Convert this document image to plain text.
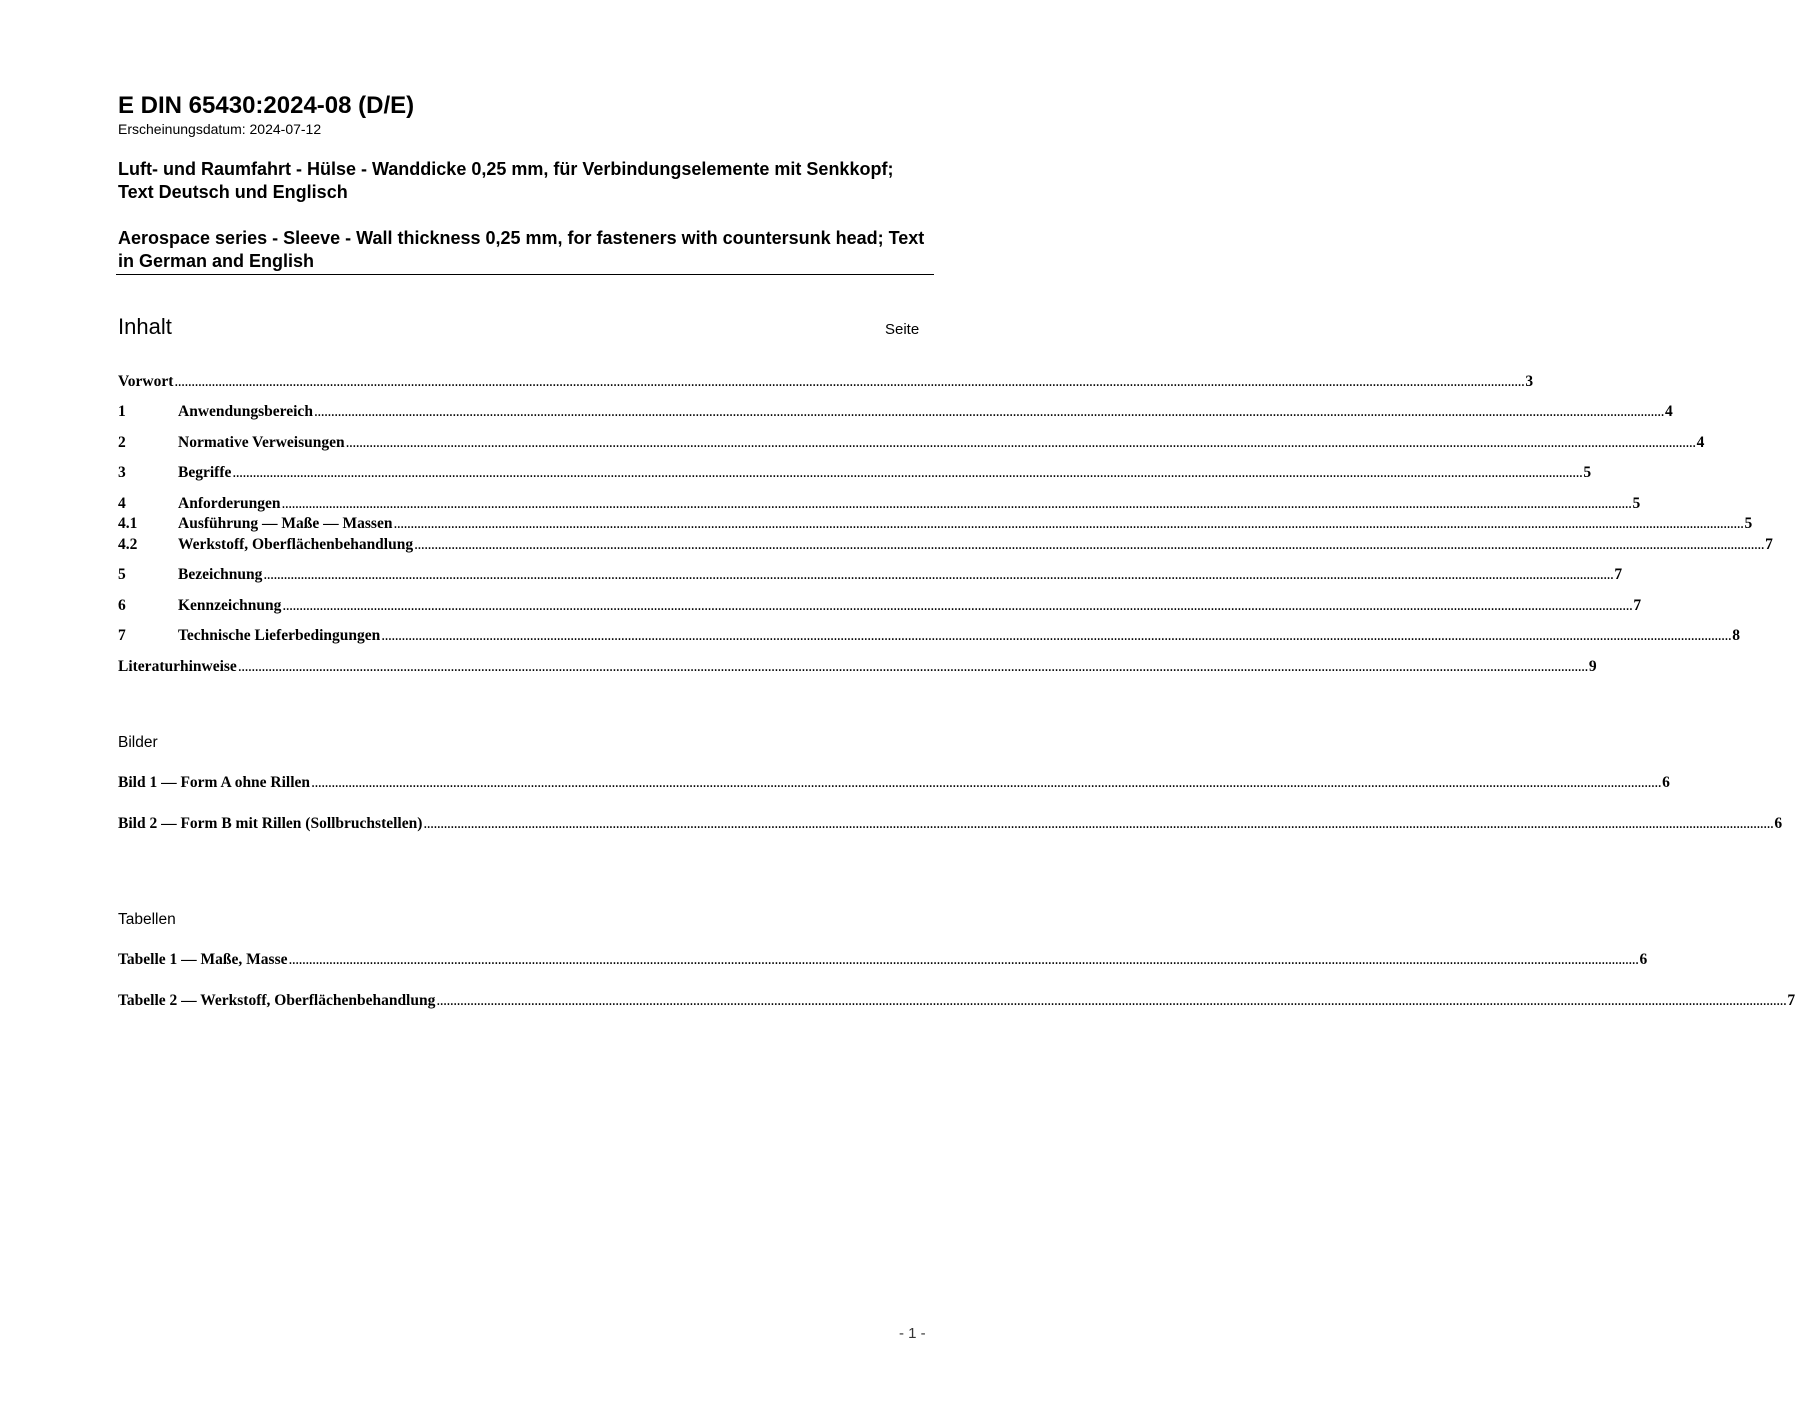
E DIN 65430:2024-08 (D/E)
Erscheinungsdatum: 2024-07-12
Luft- und Raumfahrt - Hülse - Wanddicke 0,25 mm, für Verbindungselemente mit Senkkopf; Text Deutsch und Englisch
Aerospace series - Sleeve - Wall thickness 0,25 mm, for fasteners with countersunk head; Text in German and English
Inhalt	Seite
Vorwort ................................................................................................................................................................................................................................................................................................................................................................................................................ 3
1	Anwendungsbereich ................................................................................................................................................................................................................................................................................................................................................................................................................ 4
2	Normative Verweisungen ................................................................................................................................................................................................................................................................................................................................................................................................................ 4
3	Begriffe ................................................................................................................................................................................................................................................................................................................................................................................................................ 5
4	Anforderungen ................................................................................................................................................................................................................................................................................................................................................................................................................ 5
4.1	Ausführung — Maße — Massen ................................................................................................................................................................................................................................................................................................................................................................................................................ 5
4.2	Werkstoff, Oberflächenbehandlung ................................................................................................................................................................................................................................................................................................................................................................................................................ 7
5	Bezeichnung ................................................................................................................................................................................................................................................................................................................................................................................................................ 7
6	Kennzeichnung ................................................................................................................................................................................................................................................................................................................................................................................................................ 7
7	Technische Lieferbedingungen ................................................................................................................................................................................................................................................................................................................................................................................................................ 8
Literaturhinweise ................................................................................................................................................................................................................................................................................................................................................................................................................ 9
Bilder
Bild 1 — Form A ohne Rillen ................................................................................................................................................................................................................................................................................................................................................................................................................ 6
Bild 2 — Form B mit Rillen (Sollbruchstellen) ................................................................................................................................................................................................................................................................................................................................................................................................................ 6
Tabellen
Tabelle 1 — Maße, Masse ................................................................................................................................................................................................................................................................................................................................................................................................................ 6
Tabelle 2 — Werkstoff, Oberflächenbehandlung ................................................................................................................................................................................................................................................................................................................................................................................................................ 7
- 1 -
